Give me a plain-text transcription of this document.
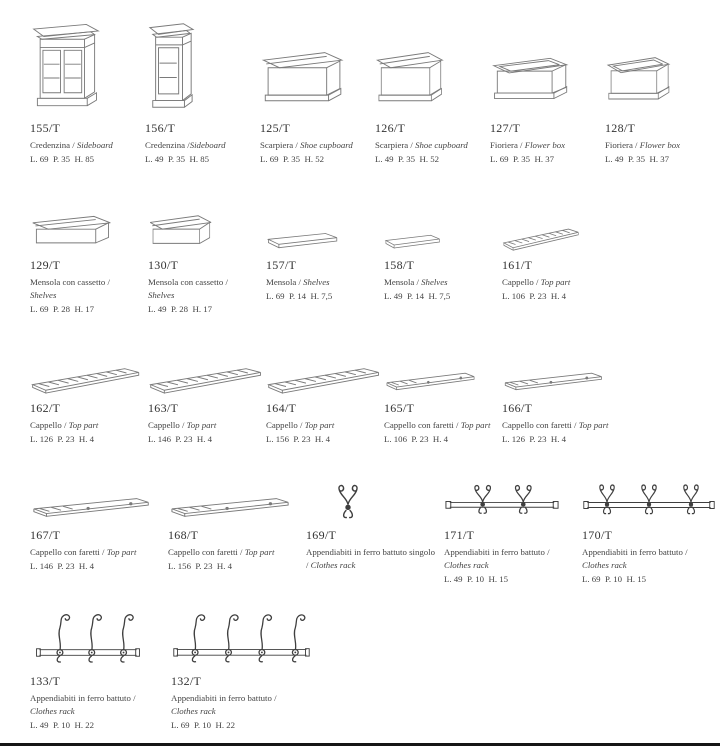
155/T
Credenzina / Sideboard
L. 69  P. 35  H. 85
156/T
Credenzina /Sideboard
L. 49  P. 35  H. 85
125/T
Scarpiera / Shoe cupboard
L. 69  P. 35  H. 52
126/T
Scarpiera / Shoe cupboard
L. 49  P. 35  H. 52
127/T
Fioriera / Flower box
L. 69  P. 35  H. 37
128/T
Fioriera / Flower box
L. 49  P. 35  H. 37
129/T
Mensola con cassetto / Shelves
L. 69  P. 28  H. 17
130/T
Mensola con cassetto / Shelves
L. 49  P. 28  H. 17
157/T
Mensola / Shelves
L. 69  P. 14  H. 7,5
158/T
Mensola / Shelves
L. 49  P. 14  H. 7,5
161/T
Cappello / Top part
L. 106  P. 23  H. 4
162/T
Cappello / Top part
L. 126  P. 23  H. 4
163/T
Cappello / Top part
L. 146  P. 23  H. 4
164/T
Cappello / Top part
L. 156  P. 23  H. 4
165/T
Cappello con faretti / Top part
L. 106  P. 23  H. 4
166/T
Cappello con faretti / Top part
L. 126  P. 23  H. 4
167/T
Cappello con faretti / Top part
L. 146  P. 23  H. 4
168/T
Cappello con faretti / Top part
L. 156  P. 23  H. 4
169/T
Appendiabiti in ferro battuto singolo / Clothes rack
171/T
Appendiabiti in ferro battuto / Clothes rack
L. 49  P. 10  H. 15
170/T
Appendiabiti in ferro battuto / Clothes rack
L. 69  P. 10  H. 15
133/T
Appendiabiti in ferro battuto / Clothes rack
L. 49  P. 10  H. 22
132/T
Appendiabiti in ferro battuto / Clothes rack
L. 69  P. 10  H. 22
